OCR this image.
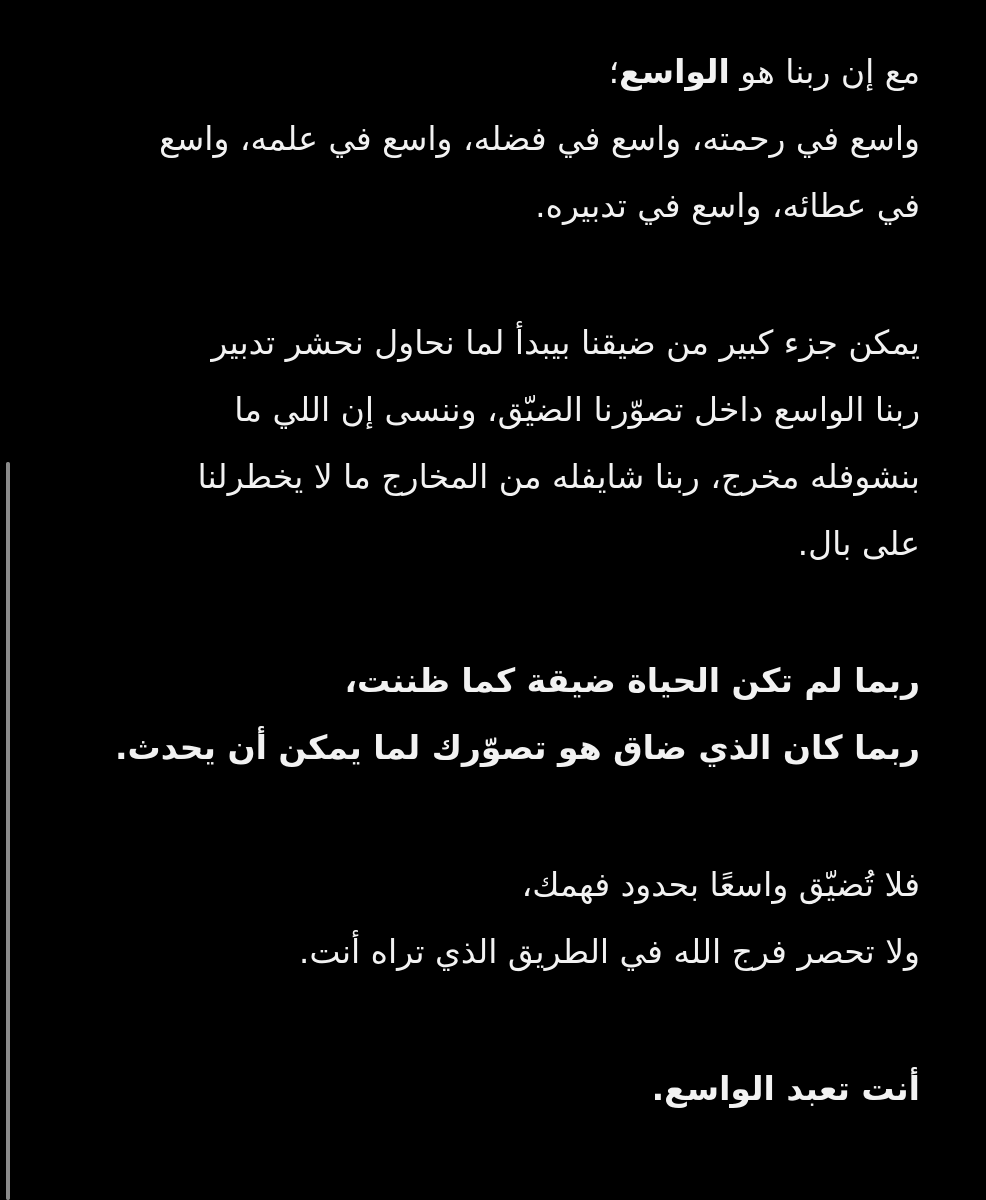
مع إن ربنا هو الواسع؛
واسع في رحمته، واسع في فضله، واسع في علمه، واسع
في عطائه، واسع في تدبيره.

يمكن جزء كبير من ضيقنا بيبدأ لما نحاول نحشر تدبير
ربنا الواسع داخل تصوّرنا الضيّق، وننسى إن اللي ما
بنشوفله مخرج، ربنا شايفله من المخارج ما لا يخطرلنا
على بال.

ربما لم تكن الحياة ضيقة كما ظننت،
ربما كان الذي ضاق هو تصوّرك لما يمكن أن يحدث.

فلا تُضيّق واسعًا بحدود فهمك،
ولا تحصر فرج الله في الطريق الذي تراه أنت.

أنت تعبد الواسع.
